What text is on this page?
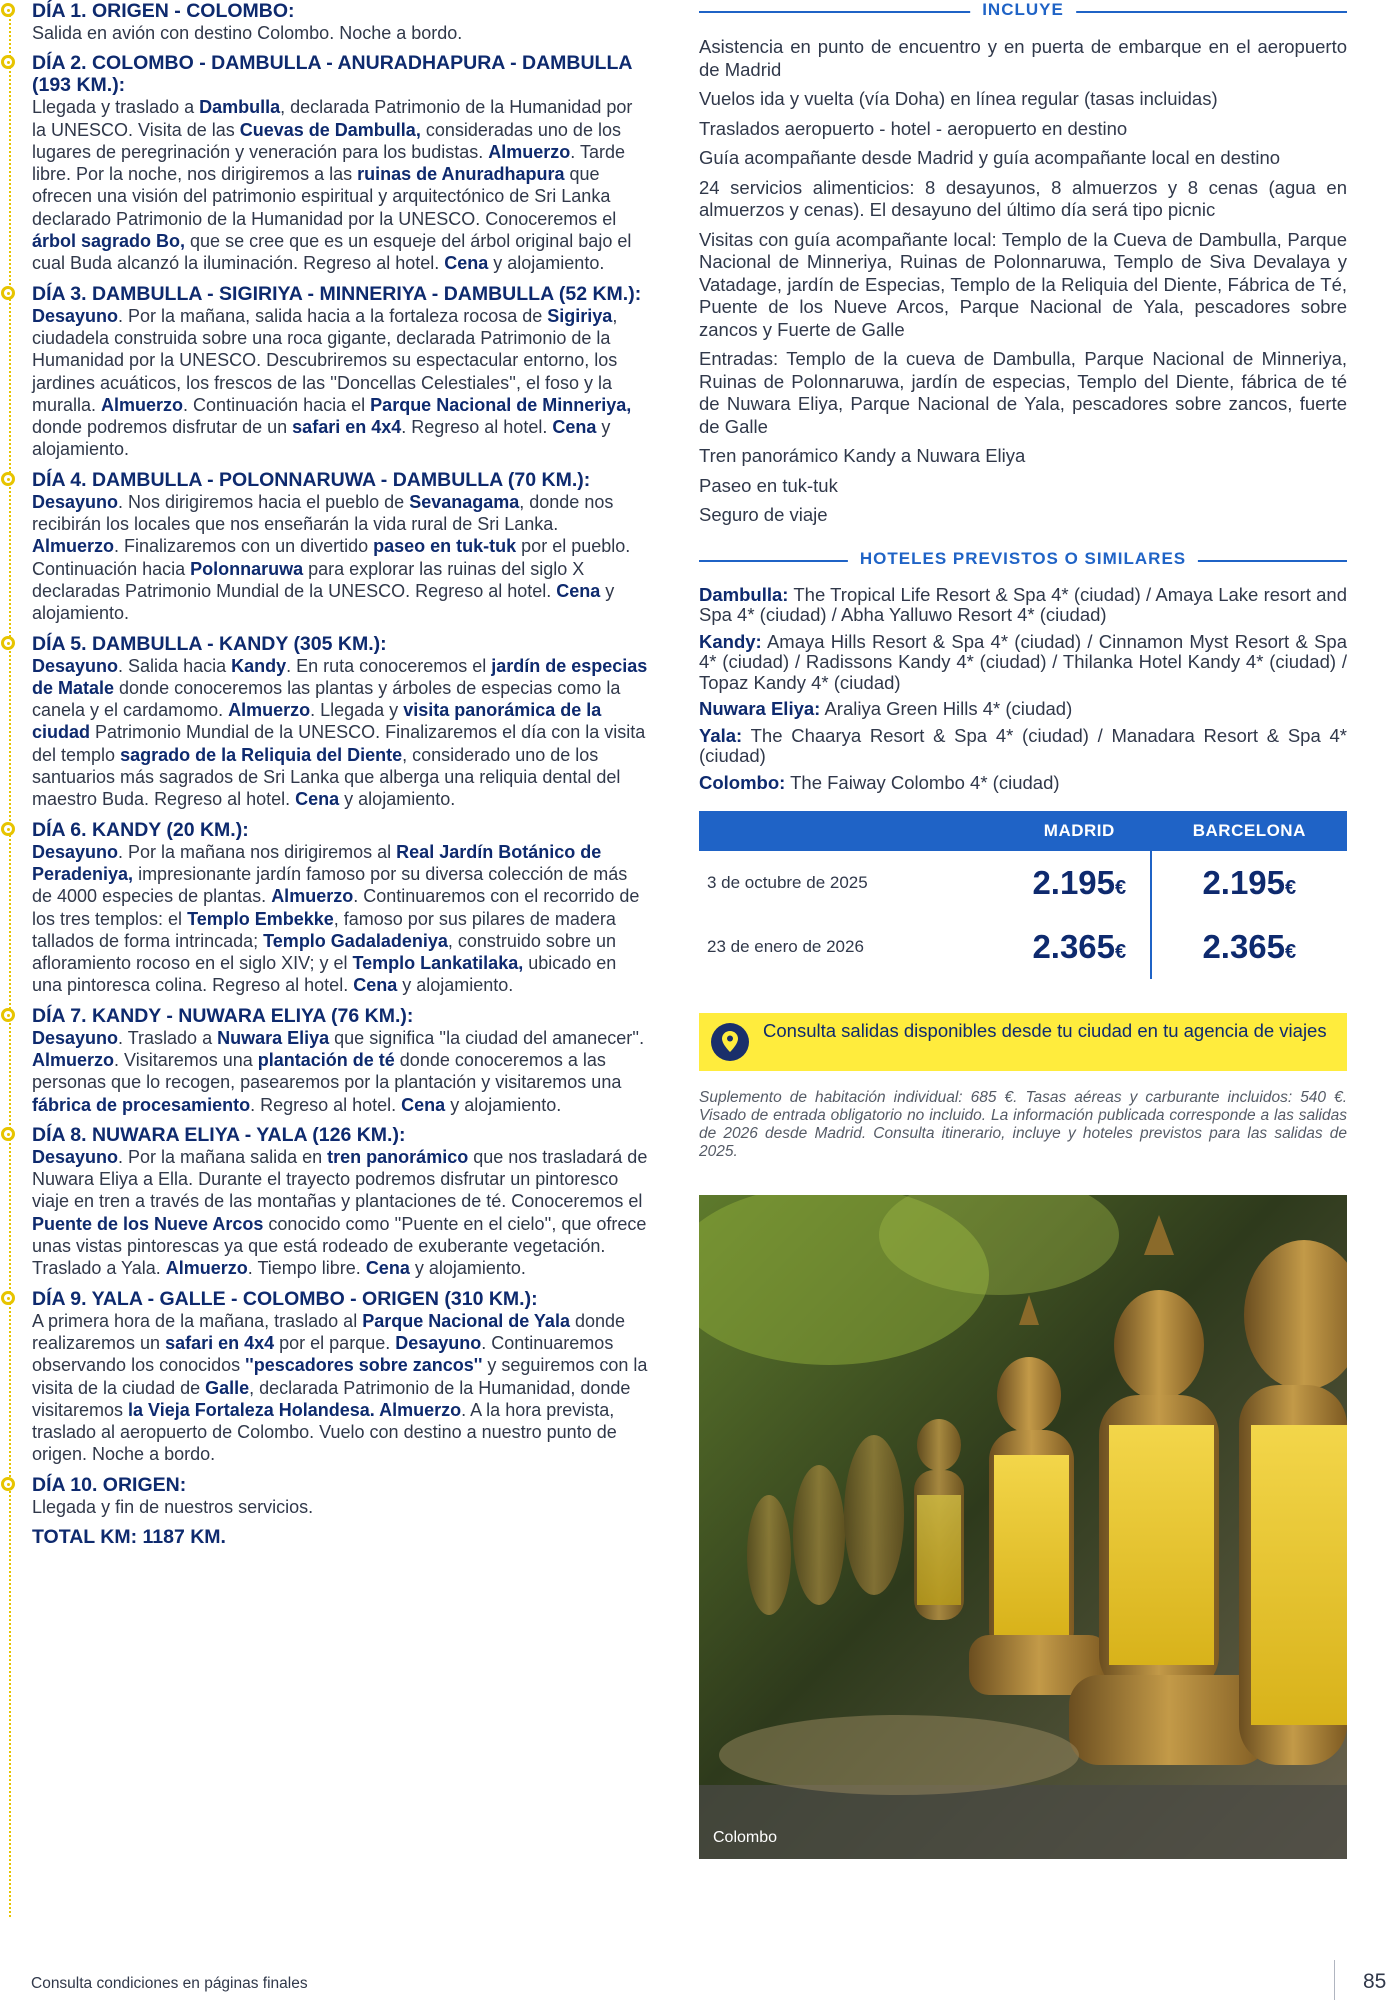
DÍA 1. ORIGEN - COLOMBO:
Salida en avión con destino Colombo. Noche a bordo.
DÍA 2. COLOMBO - DAMBULLA - ANURADHAPURA - DAMBULLA (193 KM.):
Llegada y traslado a Dambulla, declarada Patrimonio de la Humanidad por la UNESCO. Visita de las Cuevas de Dambulla, consideradas uno de los lugares de peregrinación y veneración para los budistas. Almuerzo. Tarde libre. Por la noche, nos dirigiremos a las ruinas de Anuradhapura que ofrecen una visión del patrimonio espiritual y arquitectónico de Sri Lanka declarado Patrimonio de la Humanidad por la UNESCO. Conoceremos el árbol sagrado Bo, que se cree que es un esqueje del árbol original bajo el cual Buda alcanzó la iluminación. Regreso al hotel. Cena y alojamiento.
DÍA 3. DAMBULLA - SIGIRIYA - MINNERIYA - DAMBULLA (52 KM.):
Desayuno. Por la mañana, salida hacia a la fortaleza rocosa de Sigiriya, ciudadela construida sobre una roca gigante, declarada Patrimonio de la Humanidad por la UNESCO. Descubriremos su espectacular entorno, los jardines acuáticos, los frescos de las ''Doncellas Celestiales'', el foso y la muralla. Almuerzo. Continuación hacia el Parque Nacional de Minneriya, donde podremos disfrutar de un safari en 4x4. Regreso al hotel. Cena y alojamiento.
DÍA 4. DAMBULLA - POLONNARUWA - DAMBULLA (70 KM.):
Desayuno. Nos dirigiremos hacia el pueblo de Sevanagama, donde nos recibirán los locales que nos enseñarán la vida rural de Sri Lanka. Almuerzo. Finalizaremos con un divertido paseo en tuk-tuk por el pueblo. Continuación hacia Polonnaruwa para explorar las ruinas del siglo X declaradas Patrimonio Mundial de la UNESCO. Regreso al hotel. Cena y alojamiento.
DÍA 5. DAMBULLA - KANDY (305 KM.):
Desayuno. Salida hacia Kandy. En ruta conoceremos el jardín de especias de Matale donde conoceremos las plantas y árboles de especias como la canela y el cardamomo. Almuerzo. Llegada y visita panorámica de la ciudad Patrimonio Mundial de la UNESCO. Finalizaremos el día con la visita del templo sagrado de la Reliquia del Diente, considerado uno de los santuarios más sagrados de Sri Lanka que alberga una reliquia dental del maestro Buda. Regreso al hotel. Cena y alojamiento.
DÍA 6. KANDY (20 KM.):
Desayuno. Por la mañana nos dirigiremos al Real Jardín Botánico de Peradeniya, impresionante jardín famoso por su diversa colección de más de 4000 especies de plantas. Almuerzo. Continuaremos con el recorrido de los tres templos: el Templo Embekke, famoso por sus pilares de madera tallados de forma intrincada; Templo Gadaladeniya, construido sobre un afloramiento rocoso en el siglo XIV; y el Templo Lankatilaka, ubicado en una pintoresca colina. Regreso al hotel. Cena y alojamiento.
DÍA 7. KANDY - NUWARA ELIYA (76 KM.):
Desayuno. Traslado a Nuwara Eliya que significa ''la ciudad del amanecer''. Almuerzo. Visitaremos una plantación de té donde conoceremos a las personas que lo recogen, pasearemos por la plantación y visitaremos una fábrica de procesamiento. Regreso al hotel. Cena y alojamiento.
DÍA 8. NUWARA ELIYA - YALA (126 KM.):
Desayuno. Por la mañana salida en tren panorámico que nos trasladará de Nuwara Eliya a Ella. Durante el trayecto podremos disfrutar un pintoresco viaje en tren a través de las montañas y plantaciones de té. Conoceremos el Puente de los Nueve Arcos conocido como ''Puente en el cielo'', que ofrece unas vistas pintorescas ya que está rodeado de exuberante vegetación. Traslado a Yala. Almuerzo. Tiempo libre. Cena y alojamiento.
DÍA 9. YALA - GALLE - COLOMBO - ORIGEN (310 KM.):
A primera hora de la mañana, traslado al Parque Nacional de Yala donde realizaremos un safari en 4x4 por el parque. Desayuno. Continuaremos observando los conocidos ''pescadores sobre zancos'' y seguiremos con la visita de la ciudad de Galle, declarada Patrimonio de la Humanidad, donde visitaremos la Vieja Fortaleza Holandesa. Almuerzo. A la hora prevista, traslado al aeropuerto de Colombo. Vuelo con destino a nuestro punto de origen. Noche a bordo.
DÍA 10. ORIGEN:
Llegada y fin de nuestros servicios.
TOTAL KM: 1187 KM.
INCLUYE
Asistencia en punto de encuentro y en puerta de embarque en el aeropuerto de Madrid
Vuelos ida y vuelta (vía Doha) en línea regular (tasas incluidas)
Traslados aeropuerto - hotel - aeropuerto en destino
Guía acompañante desde Madrid y guía acompañante local en destino
24 servicios alimenticios: 8 desayunos, 8 almuerzos y 8 cenas (agua en almuerzos y cenas). El desayuno del último día será tipo picnic
Visitas con guía acompañante local: Templo de la Cueva de Dambulla, Parque Nacional de Minneriya, Ruinas de Polonnaruwa, Templo de Siva Devalaya y Vatadage, jardín de Especias, Templo de la Reliquia del Diente, Fábrica de Té, Puente de los Nueve Arcos, Parque Nacional de Yala, pescadores sobre zancos y Fuerte de Galle
Entradas: Templo de la cueva de Dambulla, Parque Nacional de Minneriya, Ruinas de Polonnaruwa, jardín de especias, Templo del Diente, fábrica de té de Nuwara Eliya, Parque Nacional de Yala, pescadores sobre zancos, fuerte de Galle
Tren panorámico Kandy a Nuwara Eliya
Paseo en tuk-tuk
Seguro de viaje
HOTELES PREVISTOS O SIMILARES
Dambulla: The Tropical Life Resort & Spa 4* (ciudad) / Amaya Lake resort and Spa 4* (ciudad) / Abha Yalluwo Resort 4* (ciudad)
Kandy: Amaya Hills Resort & Spa 4* (ciudad) / Cinnamon Myst Resort & Spa 4* (ciudad) / Radissons Kandy 4* (ciudad) / Thilanka Hotel Kandy 4* (ciudad) / Topaz Kandy 4* (ciudad)
Nuwara Eliya: Araliya Green Hills 4* (ciudad)
Yala: The Chaarya Resort & Spa 4* (ciudad) / Manadara Resort & Spa 4* (ciudad)
Colombo: The Faiway Colombo 4* (ciudad)
	MADRID	BARCELONA
3 de octubre de 2025	2.195€	2.195€
23 de enero de 2026	2.365€	2.365€
Consulta salidas disponibles desde tu ciudad en tu agencia de viajes
Suplemento de habitación individual: 685 €. Tasas aéreas y carburante incluidos: 540 €. Visado de entrada obligatorio no incluido. La información publicada corresponde a las salidas de 2026 desde Madrid. Consulta itinerario, incluye y hoteles previstos para las salidas de 2025.
Colombo
Consulta condiciones en páginas finales	85
